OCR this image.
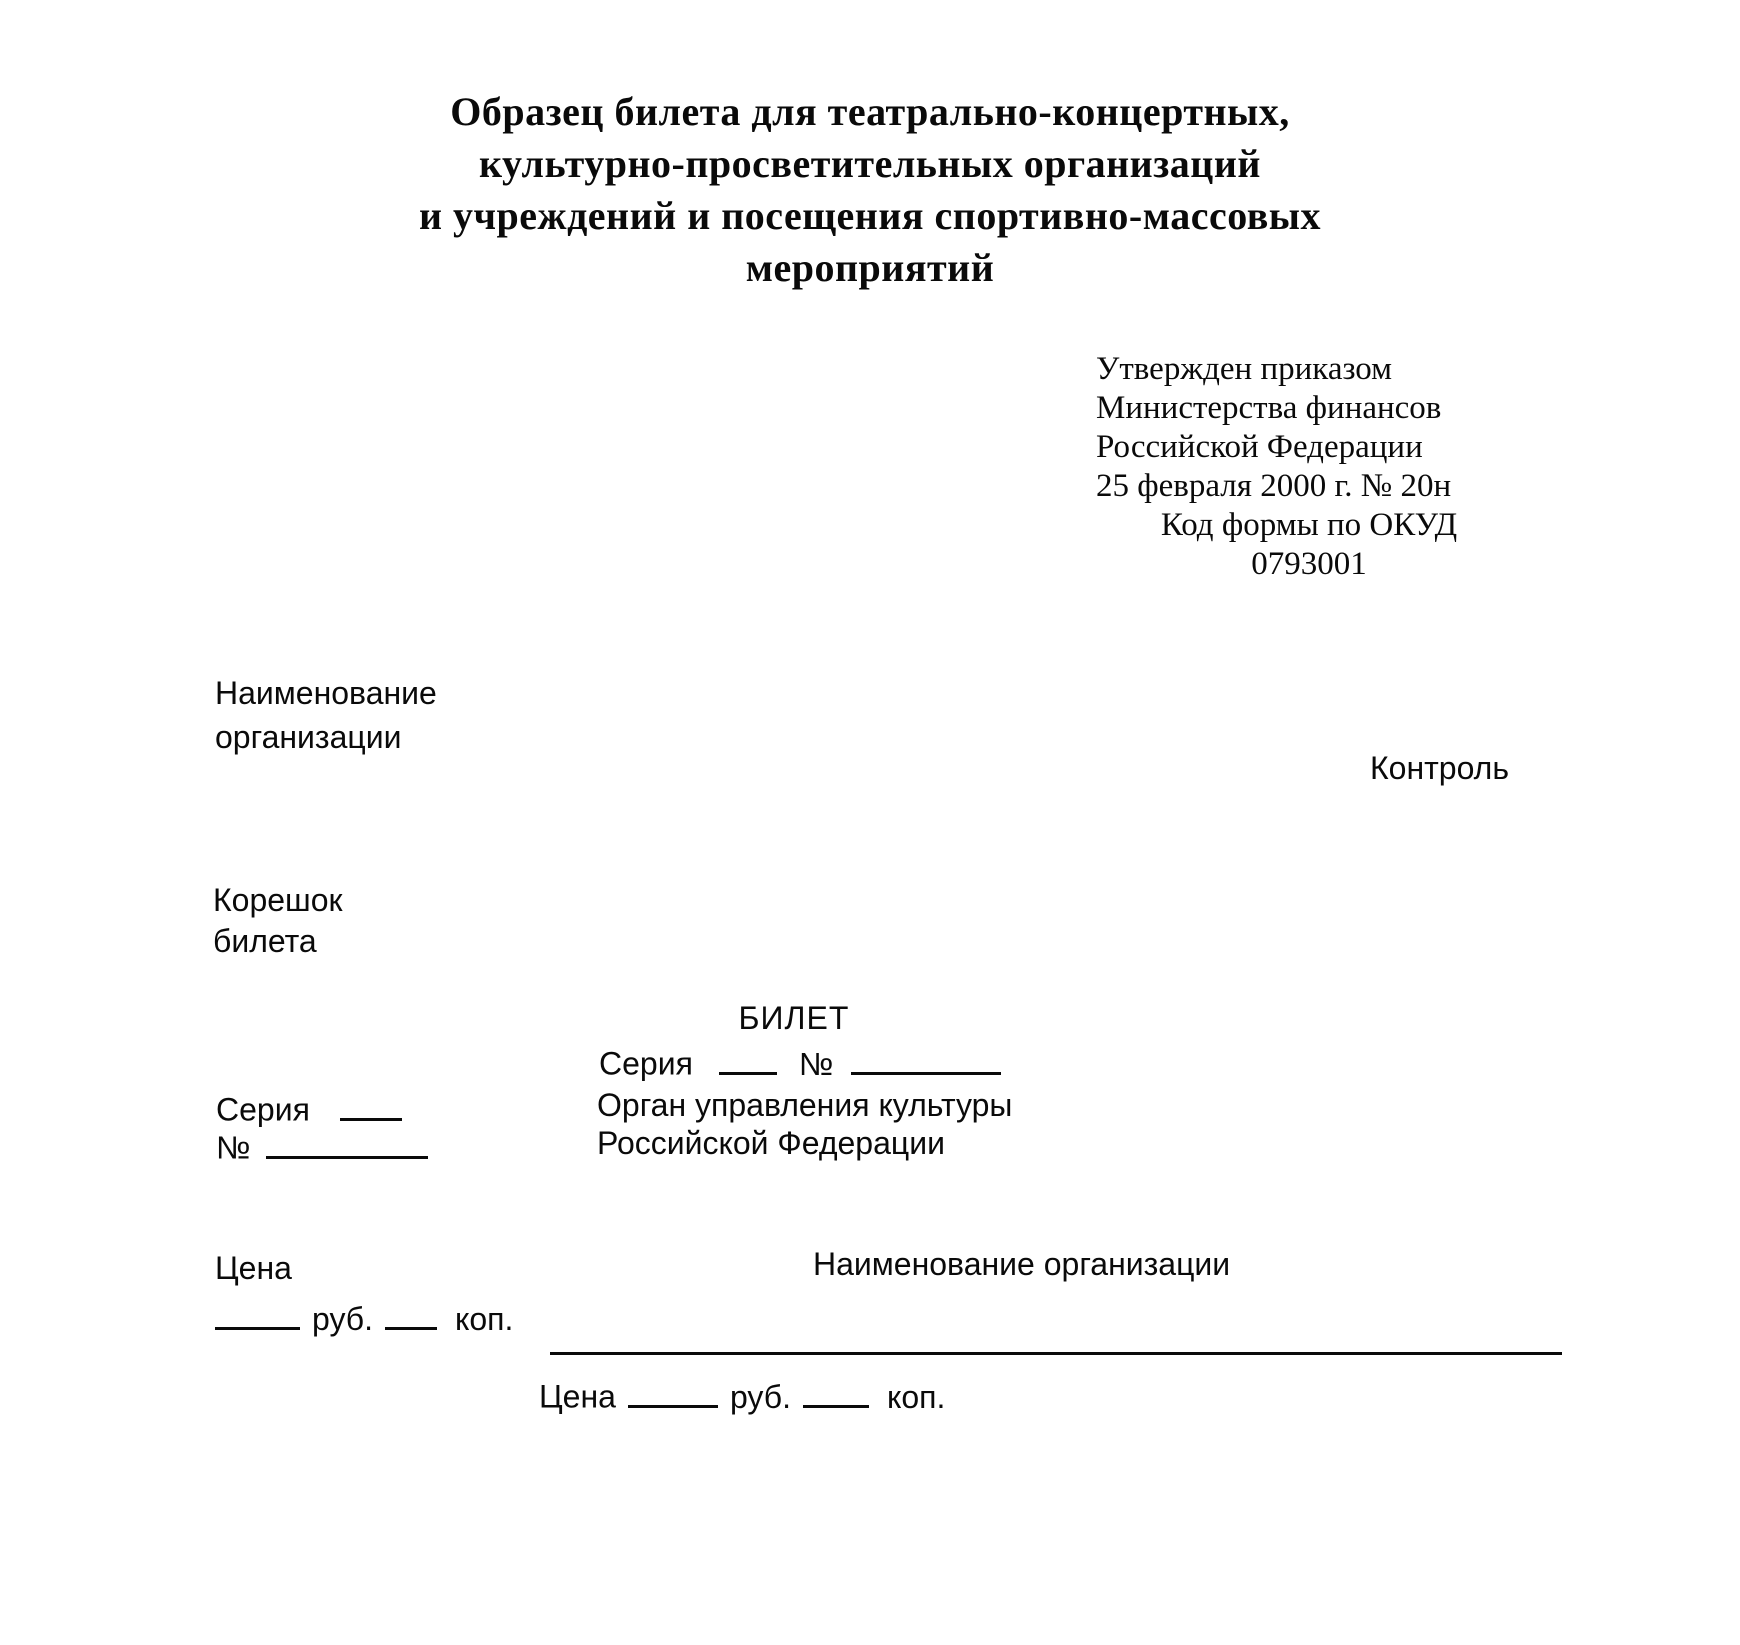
Образец билета для театрально-концертных,
культурно-просветительных организаций
и учреждений и посещения спортивно-массовых
мероприятий
Утвержден приказом
Министерства финансов
Российской Федерации
25 февраля 2000 г. № 20н
Код формы по ОКУД
0793001
Наименование
организации
Контроль
Корешок
билета
БИЛЕТ
Серия	№
Серия
№
Орган управления культуры
Российской Федерации
Цена
руб.	коп.
Наименование организации
Цена	руб.	коп.
